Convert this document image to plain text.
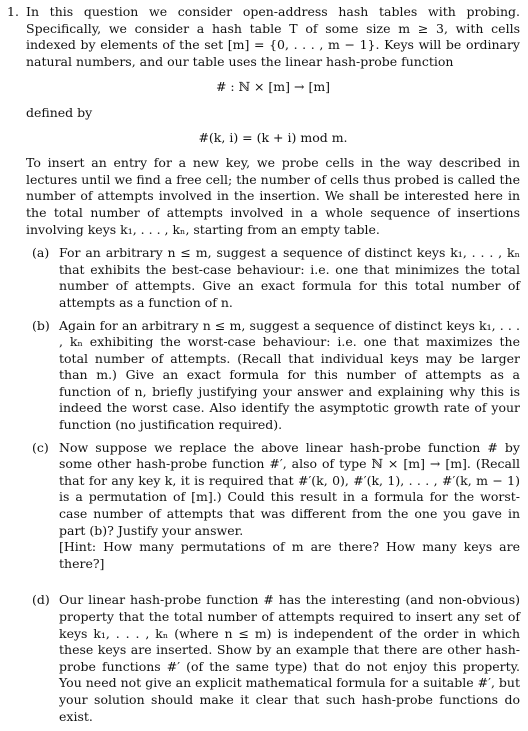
1. In this question we consider open-address hash tables with probing. Specifically, we consider a hash table T of some size m ≥ 3, with cells indexed by elements of the set [m] = {0, . . . , m − 1}. Keys will be ordinary natural numbers, and our table uses the linear hash-probe function

# : ℕ × [m] → [m]

defined by

#(k, i) = (k + i) mod m.

To insert an entry for a new key, we probe cells in the way described in lectures until we find a free cell; the number of cells thus probed is called the number of attempts involved in the insertion. We shall be interested here in the total number of attempts involved in a whole sequence of insertions involving keys k₁, . . . , kₙ, starting from an empty table.

(a) For an arbitrary n ≤ m, suggest a sequence of distinct keys k₁, . . . , kₙ that exhibits the best-case behaviour: i.e. one that minimizes the total number of attempts. Give an exact formula for this total number of attempts as a function of n.
(b) Again for an arbitrary n ≤ m, suggest a sequence of distinct keys k₁, . . . , kₙ exhibiting the worst-case behaviour: i.e. one that maximizes the total number of attempts. (Recall that individual keys may be larger than m.) Give an exact formula for this number of attempts as a function of n, briefly justifying your answer and explaining why this is indeed the worst case. Also identify the asymptotic growth rate of your function (no justification required).
(c) Now suppose we replace the above linear hash-probe function # by some other hash-probe function #′, also of type ℕ × [m] → [m]. (Recall that for any key k, it is required that #′(k, 0), #′(k, 1), . . . , #′(k, m − 1) is a permutation of [m].) Could this result in a formula for the worst-case number of attempts that was different from the one you gave in part (b)? Justify your answer.
[Hint: How many permutations of m are there? How many keys are there?]
(d) Our linear hash-probe function # has the interesting (and non-obvious) property that the total number of attempts required to insert any set of keys k₁, . . . , kₙ (where n ≤ m) is independent of the order in which these keys are inserted. Show by an example that there are other hash-probe functions #′ (of the same type) that do not enjoy this property. You need not give an explicit mathematical formula for a suitable #′, but your solution should make it clear that such hash-probe functions do exist.
